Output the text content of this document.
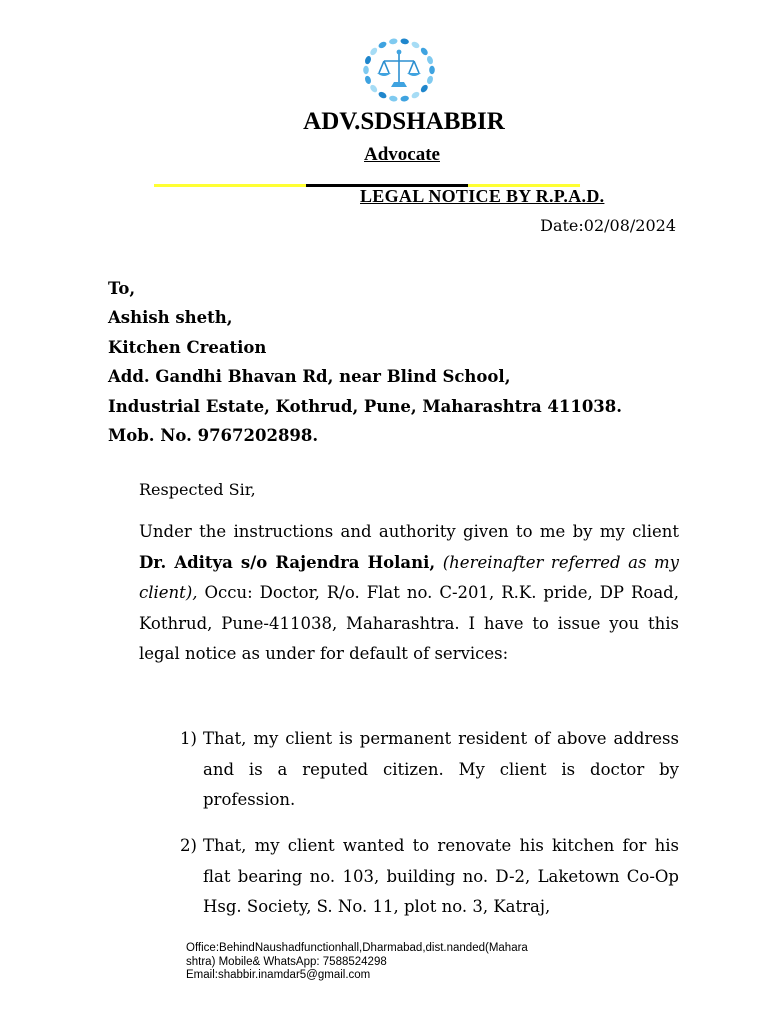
ADV.SDSHABBIR
Advocate
LEGAL NOTICE BY R.P.A.D.
Date:02/08/2024
To,
Ashish sheth,
Kitchen Creation
Add. Gandhi Bhavan Rd, near Blind School,
Industrial Estate, Kothrud, Pune, Maharashtra 411038.
Mob. No. 9767202898.
Respected Sir,
Under the instructions and authority given to me by my client Dr. Aditya s/o Rajendra Holani, (hereinafter referred as my client), Occu: Doctor, R/o. Flat no. C-201, R.K. pride, DP Road, Kothrud, Pune-411038, Maharashtra. I have to issue you this legal notice as under for default of services:
1) That, my client is permanent resident of above address and is a reputed citizen. My client is doctor by profession.
2) That, my client wanted to renovate his kitchen for his flat bearing no. 103, building no. D-2, Laketown Co-Op Hsg. Society, S. No. 11, plot no. 3, Katraj,
Office:BehindNaushadfunctionhall,Dharmabad,dist.nanded(Mahara
shtra) Mobile& WhatsApp: 7588524298
Email:shabbir.inamdar5@gmail.com
